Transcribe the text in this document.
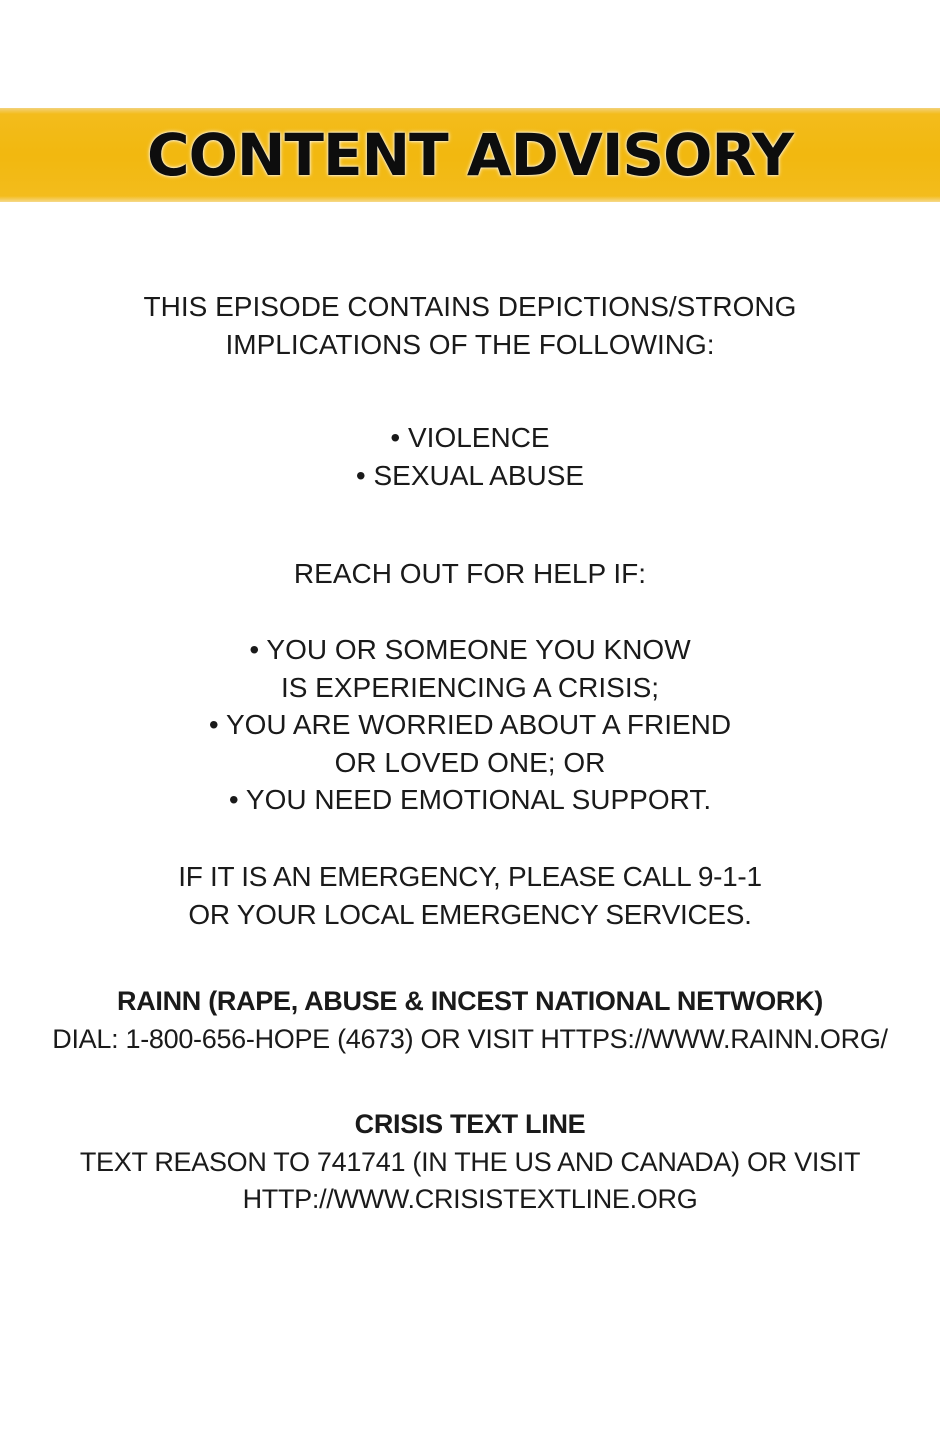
CONTENT ADVISORY
THIS EPISODE CONTAINS DEPICTIONS/STRONG
IMPLICATIONS OF THE FOLLOWING:
• VIOLENCE
• SEXUAL ABUSE
REACH OUT FOR HELP IF:
• YOU OR SOMEONE YOU KNOW
IS EXPERIENCING A CRISIS;
• YOU ARE WORRIED ABOUT A FRIEND
OR LOVED ONE; OR
• YOU NEED EMOTIONAL SUPPORT.
IF IT IS AN EMERGENCY, PLEASE CALL 9-1-1
OR YOUR LOCAL EMERGENCY SERVICES.
RAINN (RAPE, ABUSE & INCEST NATIONAL NETWORK)
DIAL: 1-800-656-HOPE (4673) OR VISIT HTTPS://WWW.RAINN.ORG/
CRISIS TEXT LINE
TEXT REASON TO 741741 (IN THE US AND CANADA) OR VISIT
HTTP://WWW.CRISISTEXTLINE.ORG
